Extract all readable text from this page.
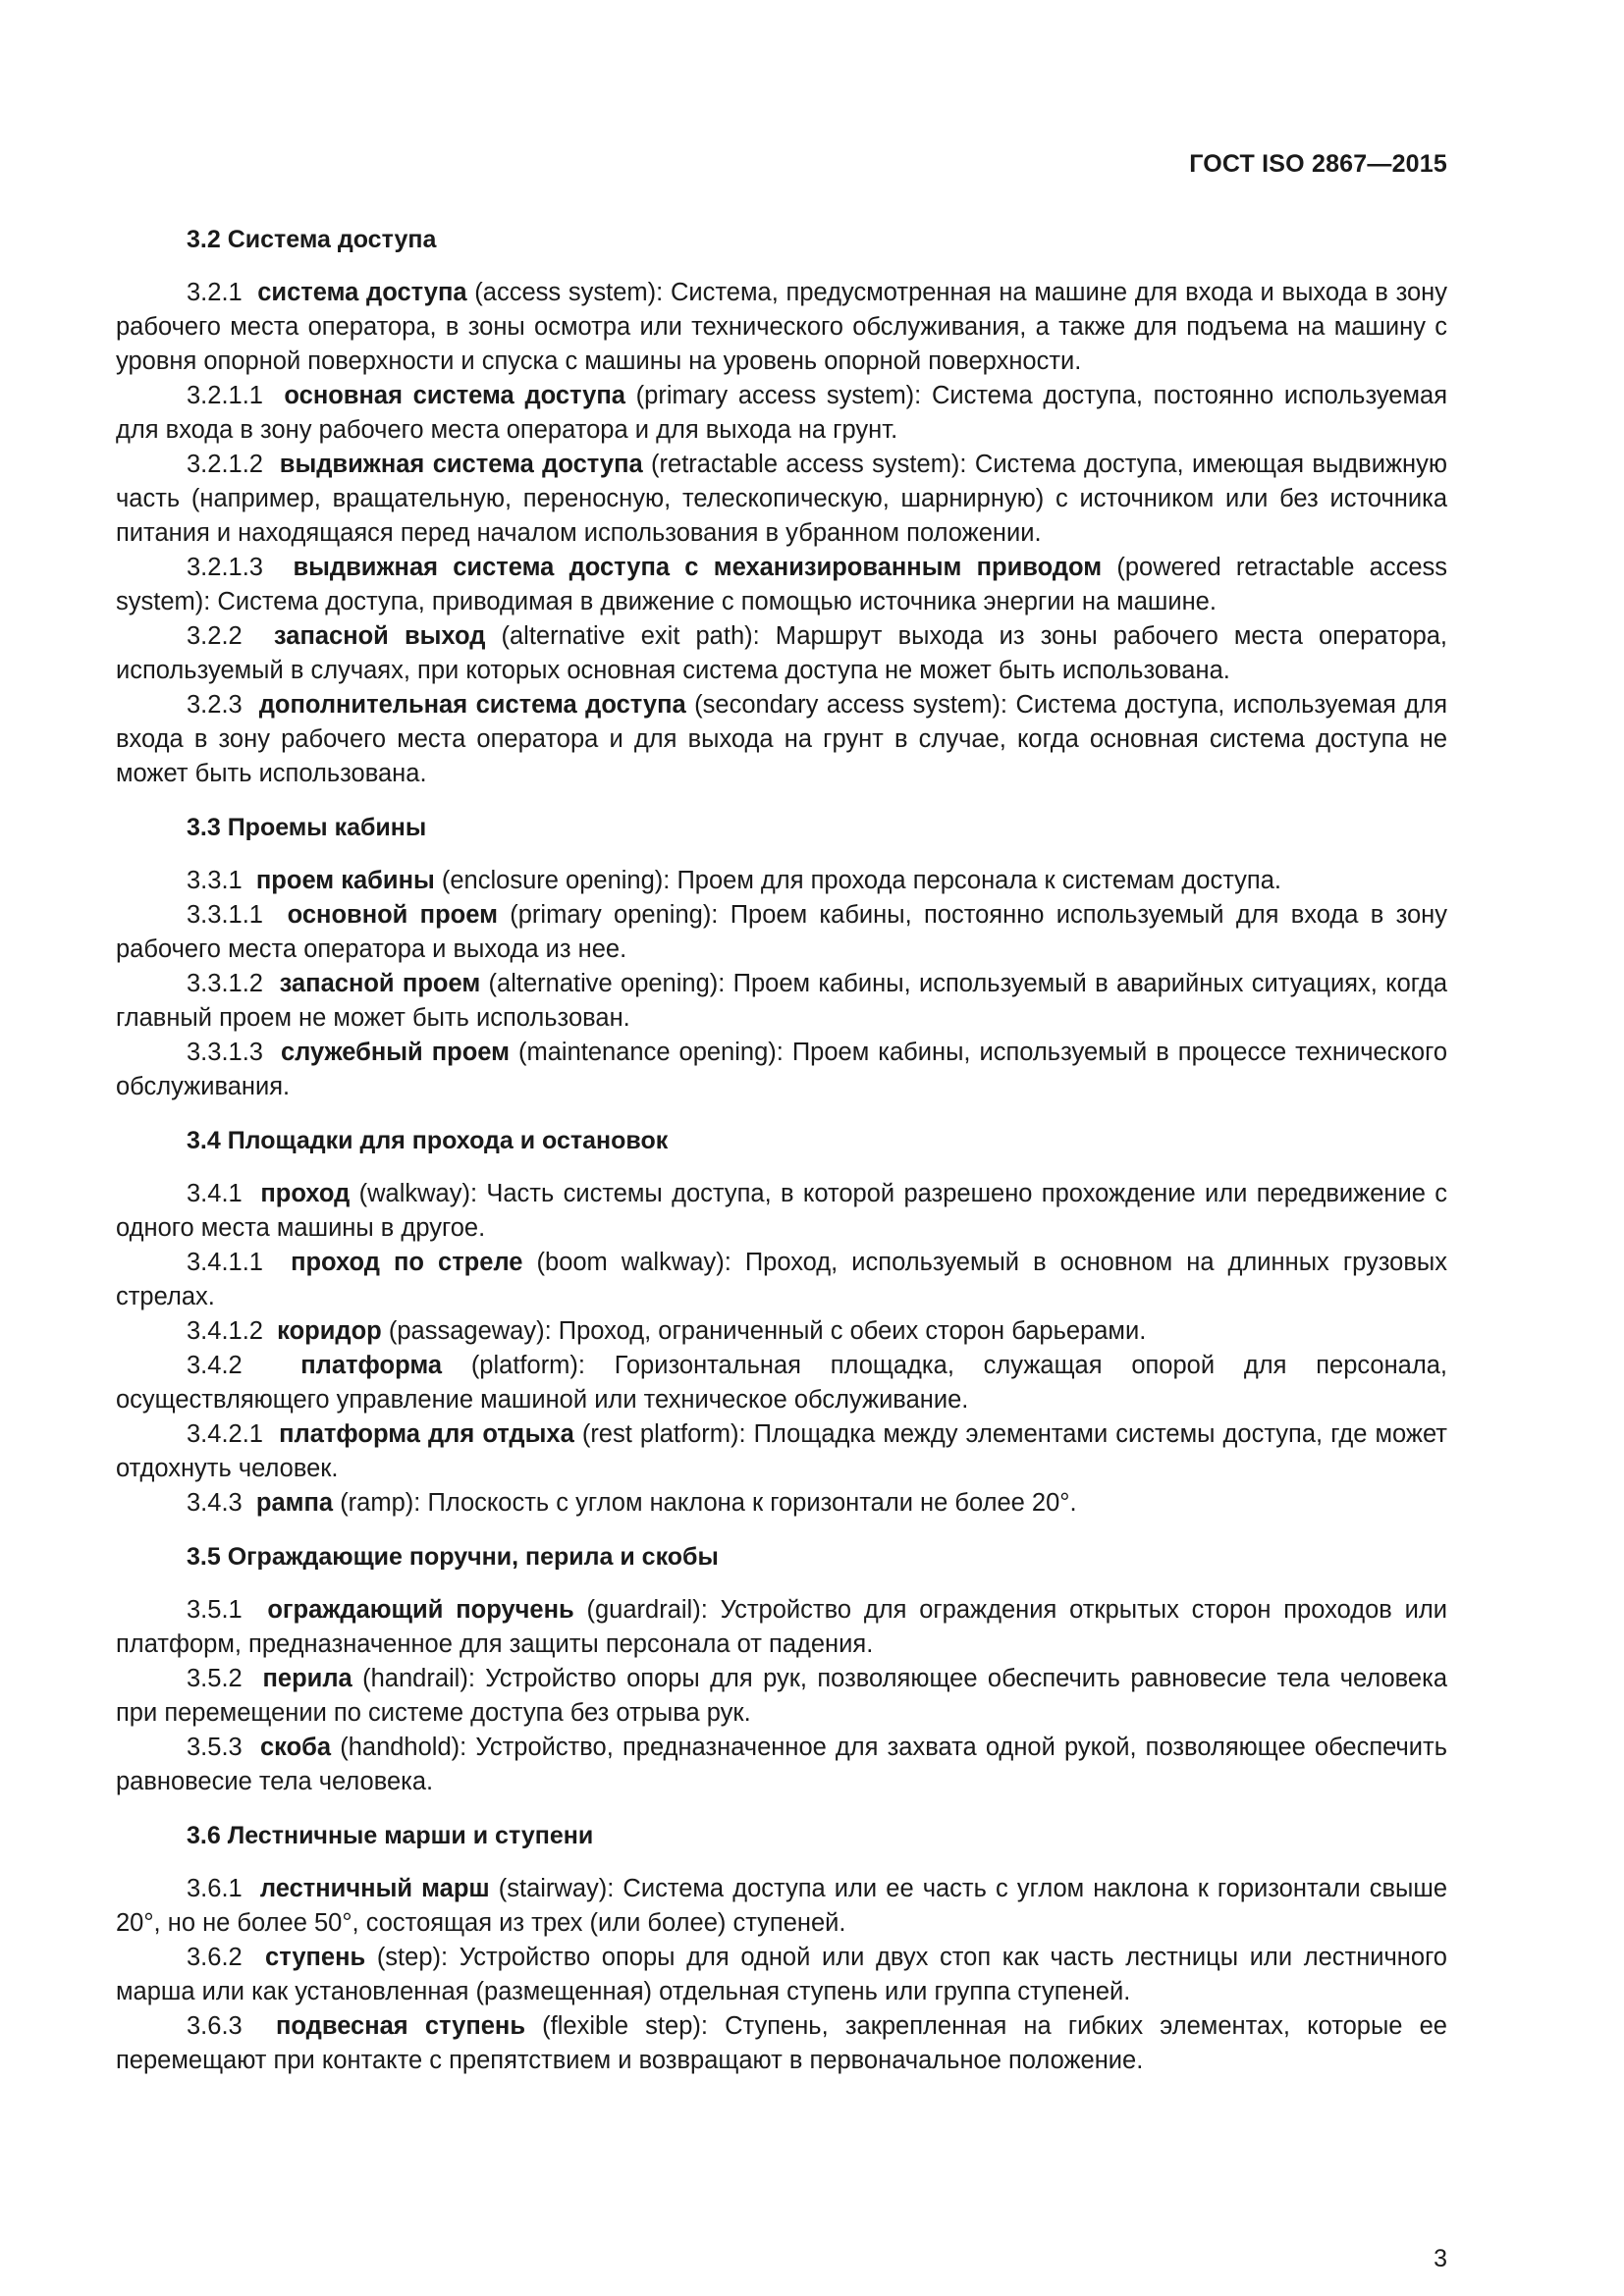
ГОСТ ISO 2867—2015
3.2 Система доступа

3.2.1 система доступа (access system): Система, предусмотренная на машине для входа и выхода в зону рабочего места оператора, в зоны осмотра или технического обслуживания, а также для подъема на машину с уровня опорной поверхности и спуска с машины на уровень опорной поверхности.

3.2.1.1 основная система доступа (primary access system): Система доступа, постоянно используемая для входа в зону рабочего места оператора и для выхода на грунт.

3.2.1.2 выдвижная система доступа (retractable access system): Система доступа, имеющая выдвижную часть (например, вращательную, переносную, телескопическую, шарнирную) с источником или без источника питания и находящаяся перед началом использования в убранном положении.

3.2.1.3 выдвижная система доступа с механизированным приводом (powered retractable access system): Система доступа, приводимая в движение с помощью источника энергии на машине.

3.2.2 запасной выход (alternative exit path): Маршрут выхода из зоны рабочего места оператора, используемый в случаях, при которых основная система доступа не может быть использована.

3.2.3 дополнительная система доступа (secondary access system): Система доступа, используемая для входа в зону рабочего места оператора и для выхода на грунт в случае, когда основная система доступа не может быть использована.

3.3 Проемы кабины

3.3.1 проем кабины (enclosure opening): Проем для прохода персонала к системам доступа.

3.3.1.1 основной проем (primary opening): Проем кабины, постоянно используемый для входа в зону рабочего места оператора и выхода из нее.

3.3.1.2 запасной проем (alternative opening): Проем кабины, используемый в аварийных ситуациях, когда главный проем не может быть использован.

3.3.1.3 служебный проем (maintenance opening): Проем кабины, используемый в процессе технического обслуживания.

3.4 Площадки для прохода и остановок

3.4.1 проход (walkway): Часть системы доступа, в которой разрешено прохождение или передвижение с одного места машины в другое.

3.4.1.1 проход по стреле (boom walkway): Проход, используемый в основном на длинных грузовых стрелах.

3.4.1.2 коридор (passageway): Проход, ограниченный с обеих сторон барьерами.

3.4.2 платформа (platform): Горизонтальная площадка, служащая опорой для персонала, осуществляющего управление машиной или техническое обслуживание.

3.4.2.1 платформа для отдыха (rest platform): Площадка между элементами системы доступа, где может отдохнуть человек.

3.4.3 рампа (ramp): Плоскость с углом наклона к горизонтали не более 20°.

3.5 Ограждающие поручни, перила и скобы

3.5.1 ограждающий поручень (guardrail): Устройство для ограждения открытых сторон проходов или платформ, предназначенное для защиты персонала от падения.

3.5.2 перила (handrail): Устройство опоры для рук, позволяющее обеспечить равновесие тела человека при перемещении по системе доступа без отрыва рук.

3.5.3 скоба (handhold): Устройство, предназначенное для захвата одной рукой, позволяющее обеспечить равновесие тела человека.

3.6 Лестничные марши и ступени

3.6.1 лестничный марш (stairway): Система доступа или ее часть с углом наклона к горизонтали свыше 20°, но не более 50°, состоящая из трех (или более) ступеней.

3.6.2 ступень (step): Устройство опоры для одной или двух стоп как часть лестницы или лестничного марша или как установленная (размещенная) отдельная ступень или группа ступеней.

3.6.3 подвесная ступень (flexible step): Ступень, закрепленная на гибких элементах, которые ее перемещают при контакте с препятствием и возвращают в первоначальное положение.

3
